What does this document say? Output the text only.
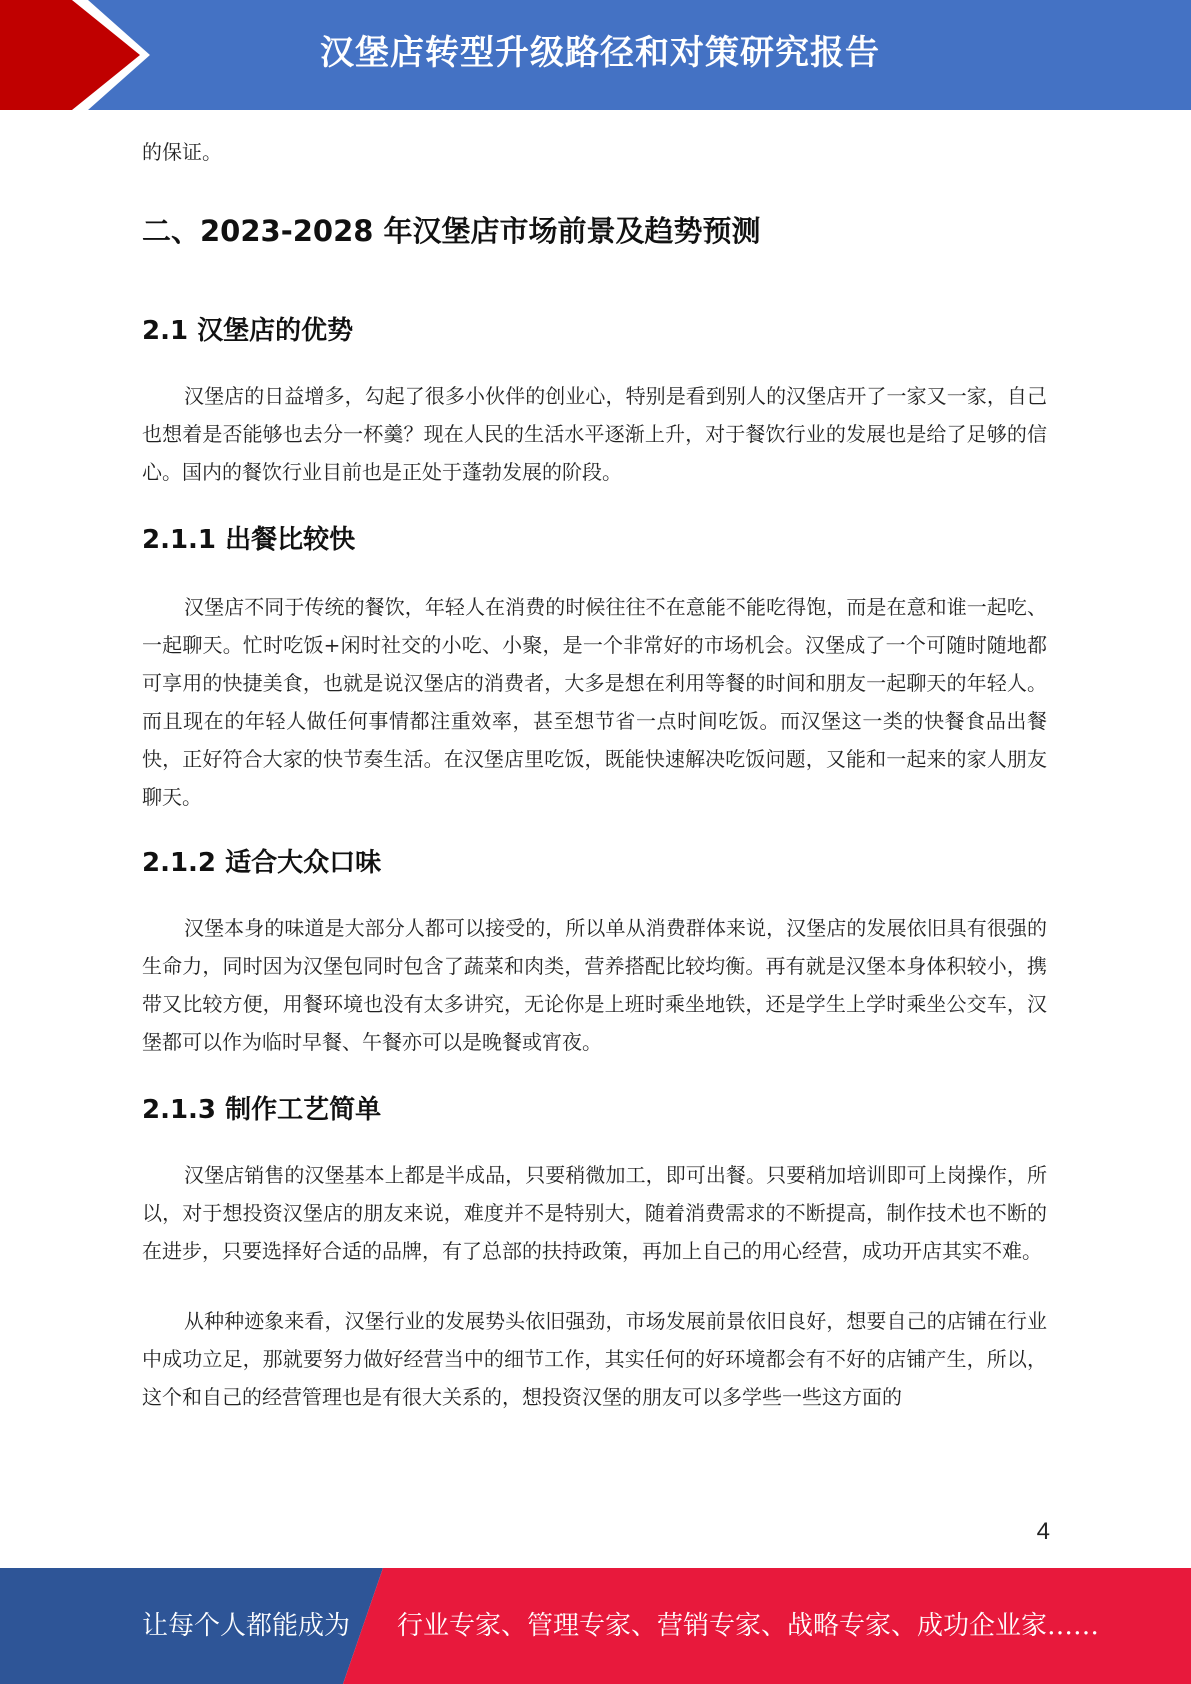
汉堡店转型升级路径和对策研究报告

的保证。

二、2023-2028 年汉堡店市场前景及趋势预测
2.1 汉堡店的优势

汉堡店的日益增多，勾起了很多小伙伴的创业心，特别是看到别人的汉堡店开了一家又一家，自己也想着是否能够也去分一杯羹？现在人民的生活水平逐渐上升，对于餐饮行业的发展也是给了足够的信心。国内的餐饮行业目前也是正处于蓬勃发展的阶段。

2.1.1 出餐比较快

汉堡店不同于传统的餐饮，年轻人在消费的时候往往不在意能不能吃得饱，而是在意和谁一起吃、一起聊天。忙时吃饭+闲时社交的小吃、小聚，是一个非常好的市场机会。汉堡成了一个可随时随地都可享用的快捷美食，也就是说汉堡店的消费者，大多是想在利用等餐的时间和朋友一起聊天的年轻人。而且现在的年轻人做任何事情都注重效率，甚至想节省一点时间吃饭。而汉堡这一类的快餐食品出餐快，正好符合大家的快节奏生活。在汉堡店里吃饭，既能快速解决吃饭问题，又能和一起来的家人朋友聊天。

2.1.2 适合大众口味

汉堡本身的味道是大部分人都可以接受的，所以单从消费群体来说，汉堡店的发展依旧具有很强的生命力，同时因为汉堡包同时包含了蔬菜和肉类，营养搭配比较均衡。再有就是汉堡本身体积较小，携带又比较方便，用餐环境也没有太多讲究，无论你是上班时乘坐地铁，还是学生上学时乘坐公交车，汉堡都可以作为临时早餐、午餐亦可以是晚餐或宵夜。

2.1.3 制作工艺简单

汉堡店销售的汉堡基本上都是半成品，只要稍微加工，即可出餐。只要稍加培训即可上岗操作，所以，对于想投资汉堡店的朋友来说，难度并不是特别大，随着消费需求的不断提高，制作技术也不断的在进步，只要选择好合适的品牌，有了总部的扶持政策，再加上自己的用心经营，成功开店其实不难。

从种种迹象来看，汉堡行业的发展势头依旧强劲，市场发展前景依旧良好，想要自己的店铺在行业中成功立足，那就要努力做好经营当中的细节工作，其实任何的好环境都会有不好的店铺产生，所以，这个和自己的经营管理也是有很大关系的，想投资汉堡的朋友可以多学些一些这方面的

4
让每个人都能成为 行业专家、管理专家、营销专家、战略专家、成功企业家……
